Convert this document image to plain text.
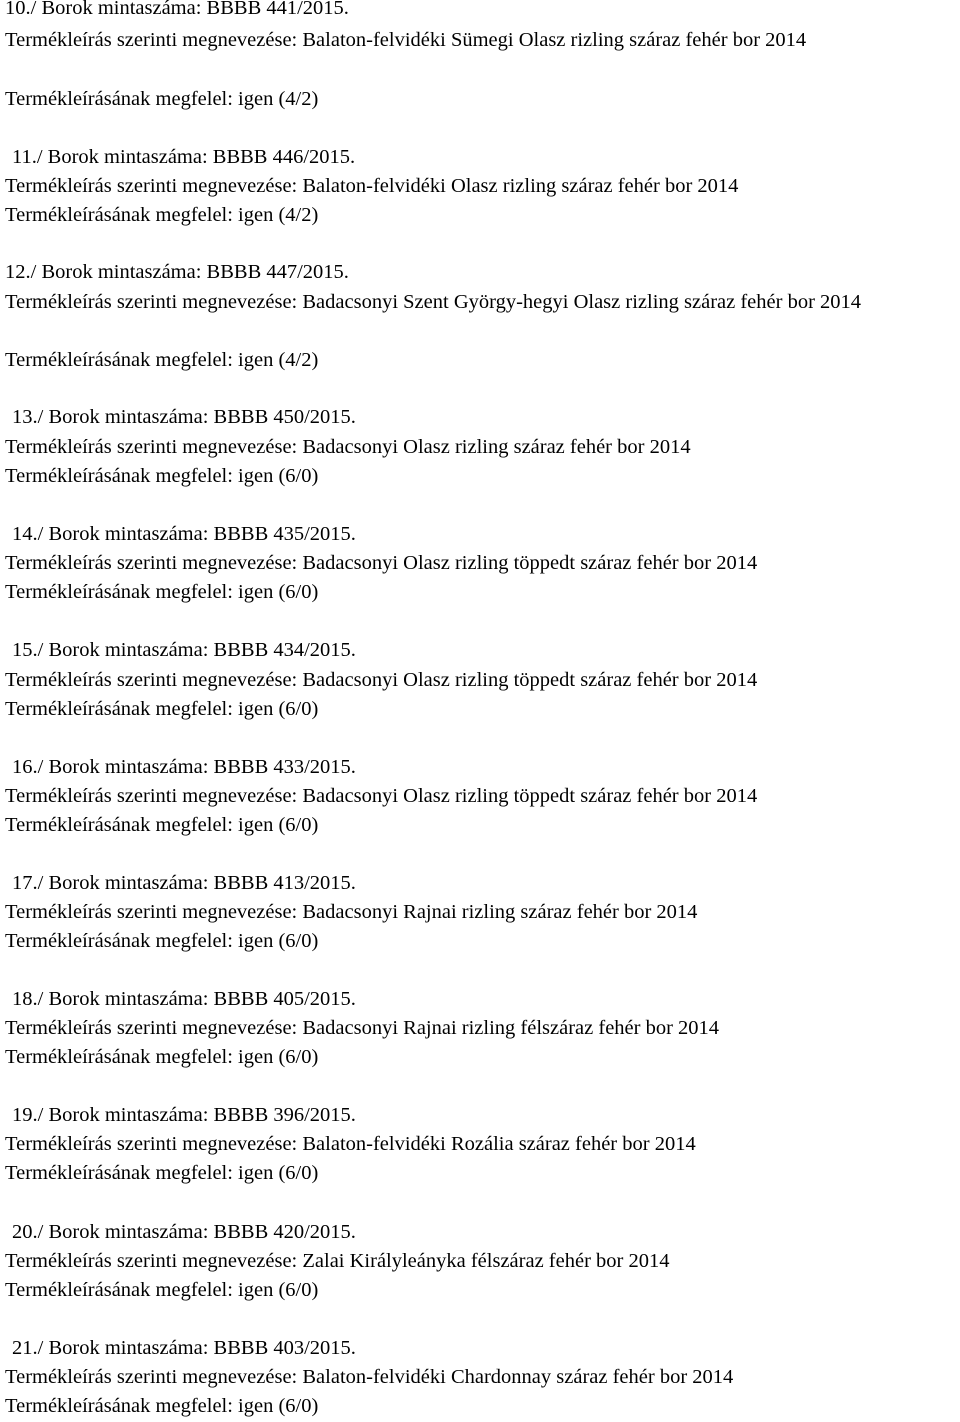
10./ Borok mintaszáma: BBBB 441/2015.
Termékleírás szerinti megnevezése: Balaton-felvidéki Sümegi Olasz rizling száraz fehér bor 2014
Termékleírásának megfelel: igen (4/2)
11./ Borok mintaszáma: BBBB 446/2015.
Termékleírás szerinti megnevezése: Balaton-felvidéki Olasz rizling száraz fehér bor 2014
Termékleírásának megfelel: igen (4/2)
12./ Borok mintaszáma: BBBB 447/2015.
Termékleírás szerinti megnevezése: Badacsonyi Szent György-hegyi Olasz rizling száraz fehér bor 2014
Termékleírásának megfelel: igen (4/2)
13./ Borok mintaszáma: BBBB 450/2015.
Termékleírás szerinti megnevezése: Badacsonyi Olasz rizling száraz fehér bor 2014
Termékleírásának megfelel: igen (6/0)
14./ Borok mintaszáma: BBBB 435/2015.
Termékleírás szerinti megnevezése: Badacsonyi Olasz rizling töppedt száraz fehér bor 2014
Termékleírásának megfelel: igen (6/0)
15./ Borok mintaszáma: BBBB 434/2015.
Termékleírás szerinti megnevezése: Badacsonyi Olasz rizling töppedt száraz fehér bor 2014
Termékleírásának megfelel: igen (6/0)
16./ Borok mintaszáma: BBBB 433/2015.
Termékleírás szerinti megnevezése: Badacsonyi Olasz rizling töppedt száraz fehér bor 2014
Termékleírásának megfelel: igen (6/0)
17./ Borok mintaszáma: BBBB 413/2015.
Termékleírás szerinti megnevezése: Badacsonyi Rajnai rizling száraz fehér bor 2014
Termékleírásának megfelel: igen (6/0)
18./ Borok mintaszáma: BBBB 405/2015.
Termékleírás szerinti megnevezése: Badacsonyi Rajnai rizling félszáraz fehér bor 2014
Termékleírásának megfelel: igen (6/0)
19./ Borok mintaszáma: BBBB 396/2015.
Termékleírás szerinti megnevezése: Balaton-felvidéki Rozália száraz fehér bor 2014
Termékleírásának megfelel: igen (6/0)
20./ Borok mintaszáma: BBBB 420/2015.
Termékleírás szerinti megnevezése: Zalai Királyleányka félszáraz fehér bor 2014
Termékleírásának megfelel: igen (6/0)
21./ Borok mintaszáma: BBBB 403/2015.
Termékleírás szerinti megnevezése: Balaton-felvidéki Chardonnay száraz fehér bor 2014
Termékleírásának megfelel: igen (6/0)
